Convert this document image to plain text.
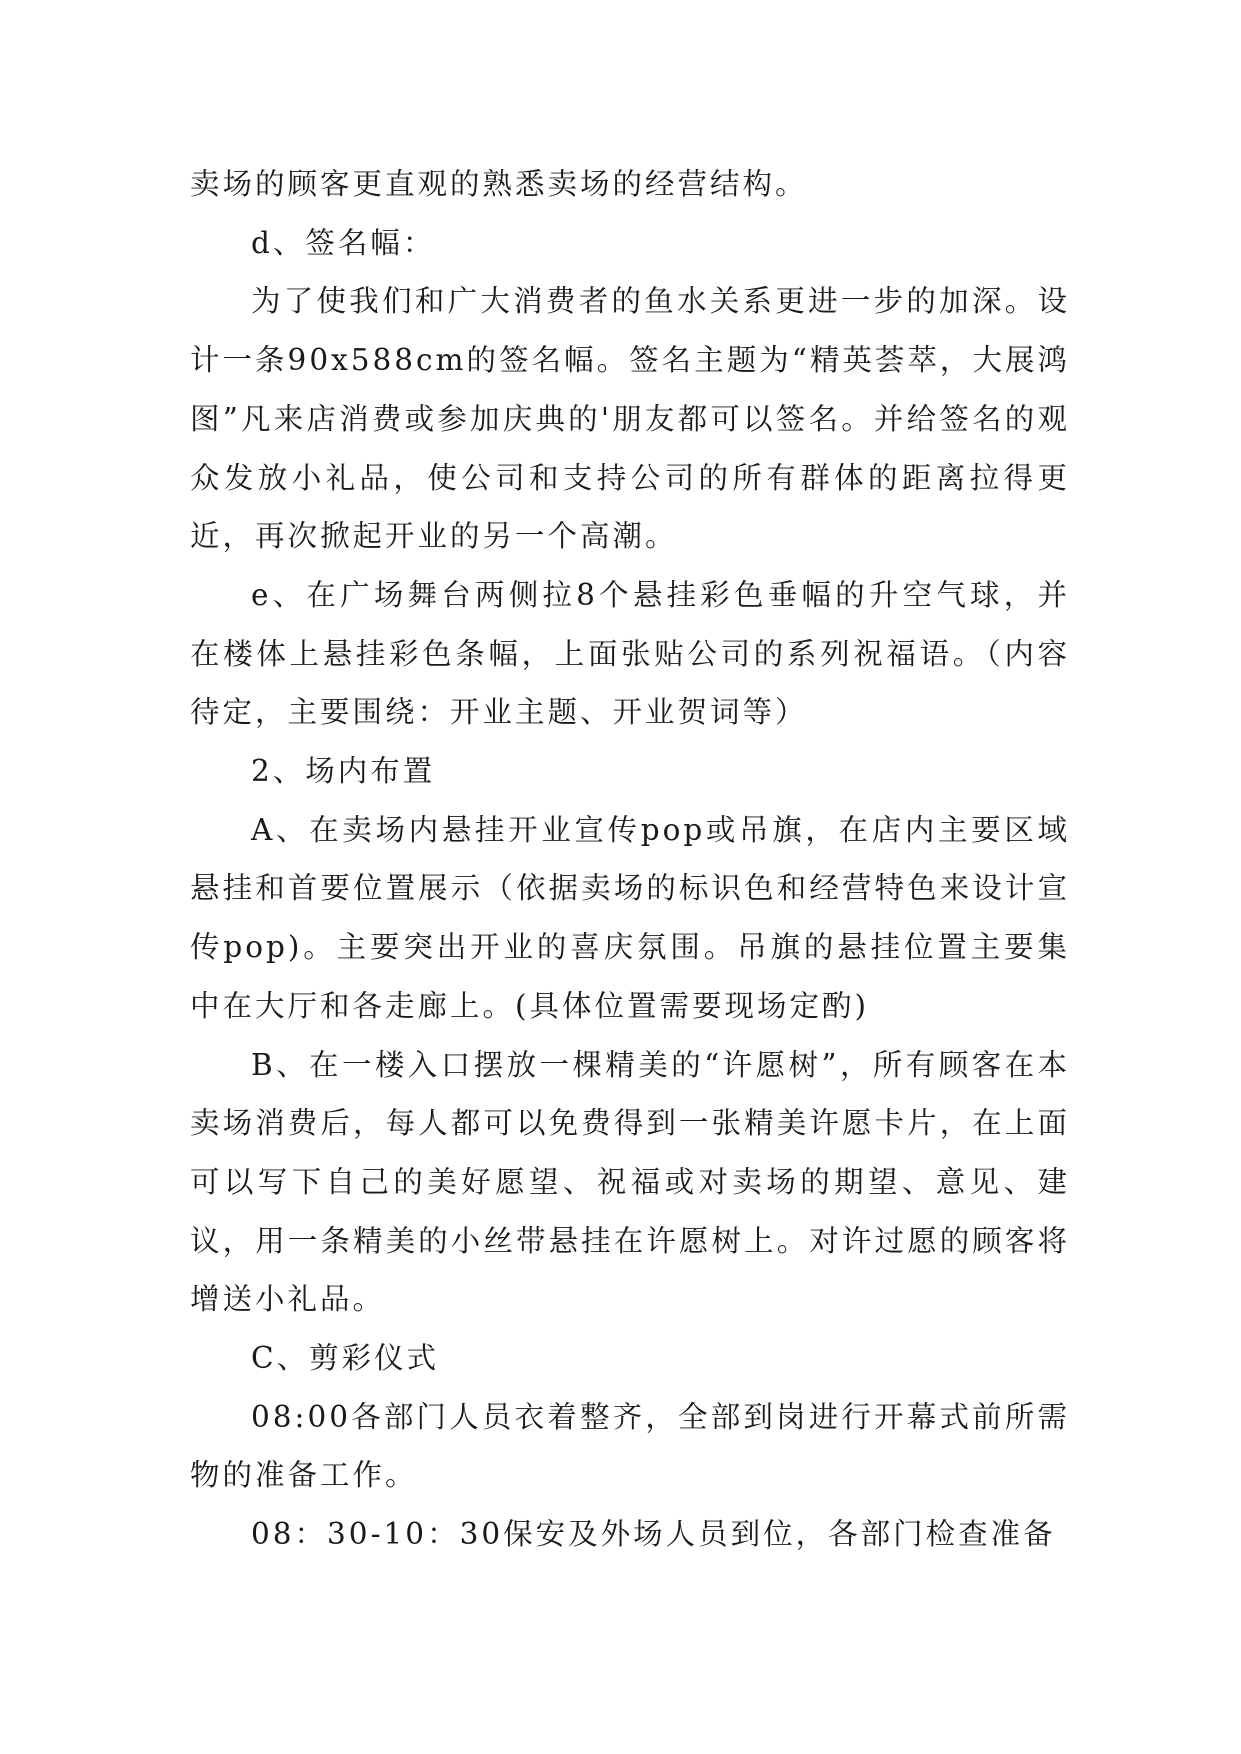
卖场的顾客更直观的熟悉卖场的经营结构。

d、签名幅：

为了使我们和广大消费者的鱼水关系更进一步的加深。设计一条90x588cm的签名幅。签名主题为“精英荟萃，大展鸿图”凡来店消费或参加庆典的'朋友都可以签名。并给签名的观众发放小礼品，使公司和支持公司的所有群体的距离拉得更近，再次掀起开业的另一个高潮。

e、在广场舞台两侧拉8个悬挂彩色垂幅的升空气球，并在楼体上悬挂彩色条幅，上面张贴公司的系列祝福语。（内容待定，主要围绕：开业主题、开业贺词等）

2、场内布置

A、在卖场内悬挂开业宣传pop或吊旗，在店内主要区域悬挂和首要位置展示（依据卖场的标识色和经营特色来设计宣传pop)。主要突出开业的喜庆氛围。吊旗的悬挂位置主要集中在大厅和各走廊上。(具体位置需要现场定酌)

B、在一楼入口摆放一棵精美的“许愿树”，所有顾客在本卖场消费后，每人都可以免费得到一张精美许愿卡片，在上面可以写下自己的美好愿望、祝福或对卖场的期望、意见、建议，用一条精美的小丝带悬挂在许愿树上。对许过愿的顾客将增送小礼品。

C、剪彩仪式

08:00各部门人员衣着整齐，全部到岗进行开幕式前所需物的准备工作。

08：30-10：30保安及外场人员到位，各部门检查准备
